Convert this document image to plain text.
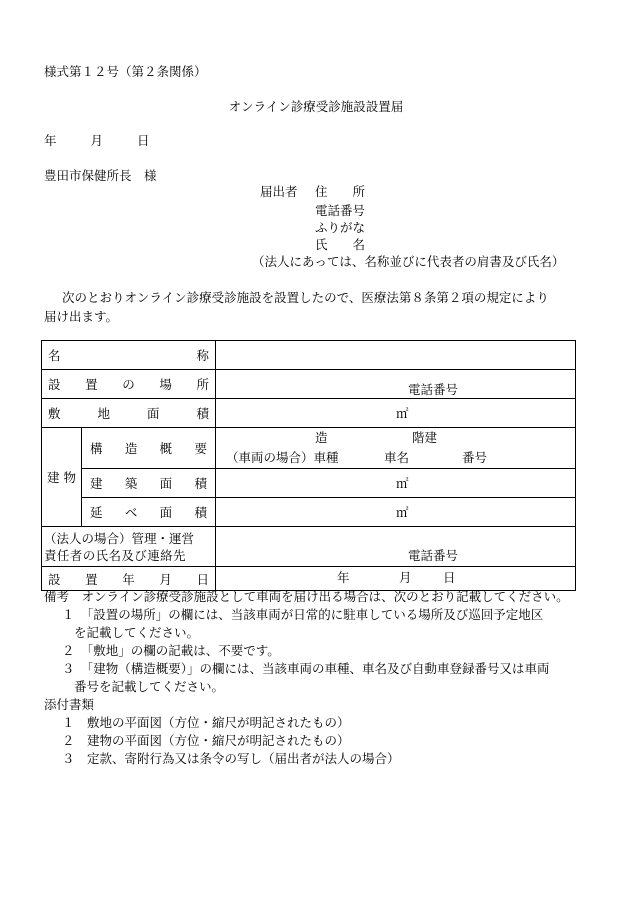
様式第１２号（第２条関係）
オンライン診療受診施設設置届
年	月	日
豊田市保健所長　様
届出者 住　　所
電話番号
ふりがな
氏　　名
（法人にあっては、名称並びに代表者の肩書及び氏名）
次のとおりオンライン診療受診施設を設置したので、医療法第８条第２項の規定により
届け出ます。
名 称		

設 置 の 場 所		電話番号

敷 地 面 積		㎡

建 物	構 造 概 要	造 階建
（車両の場合）車種 車名 番号

	建 築 面 積	㎡

	延 ベ 面 積	㎡

（法人の場合）管理・運営
責任者の氏名及び連絡先		電話番号

設 置 年 月 日		年 月 日
備考　オンライン診療受診施設として車両を届け出る場合は、次のとおり記載してください。
１　「設置の場所」の欄には、当該車両が日常的に駐車している場所及び巡回予定地区
を記載してください。
２　「敷地」の欄の記載は、不要です。
３　「建物（構造概要）」の欄には、当該車両の車種、車名及び自動車登録番号又は車両
番号を記載してください。
添付書類
１　敷地の平面図（方位・縮尺が明記されたもの）
２　建物の平面図（方位・縮尺が明記されたもの）
３　定款、寄附行為又は条令の写し（届出者が法人の場合）
